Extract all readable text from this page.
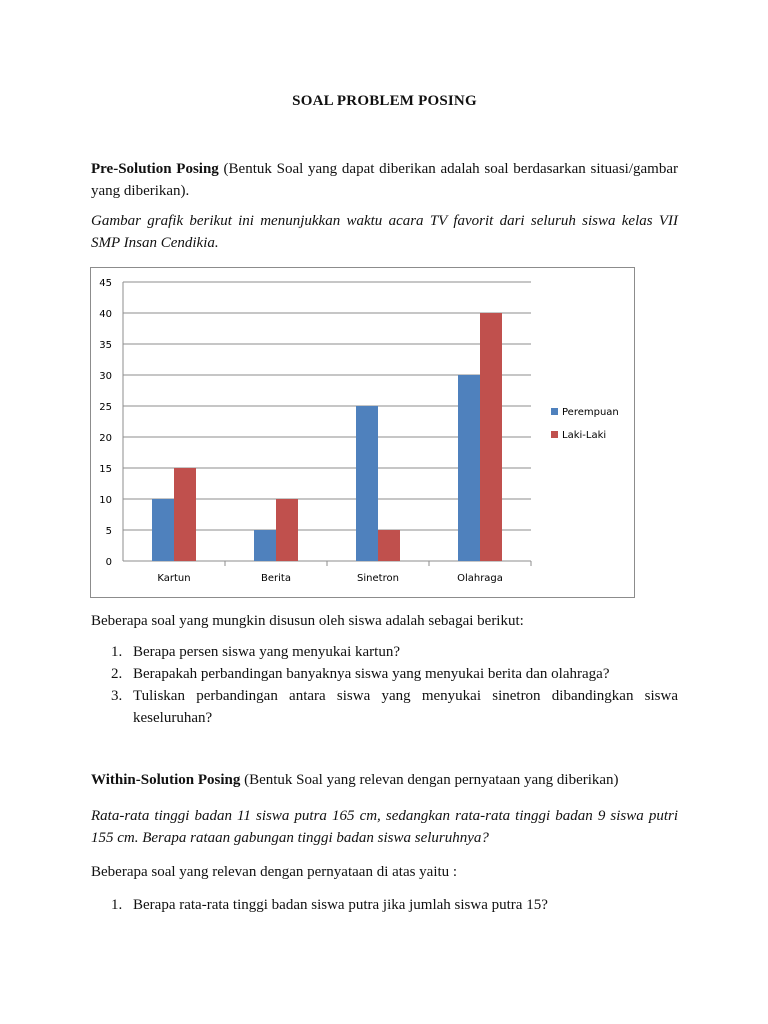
SOAL PROBLEM POSING
Pre-Solution Posing (Bentuk Soal yang dapat diberikan adalah soal berdasarkan situasi/gambar yang diberikan).
Gambar grafik berikut ini menunjukkan waktu acara TV favorit dari seluruh siswa kelas VII SMP Insan Cendikia.
Beberapa soal yang mungkin disusun oleh siswa adalah sebagai berikut:
1. Berapa persen siswa yang menyukai kartun?
2. Berapakah perbandingan banyaknya siswa yang menyukai berita dan olahraga?
3. Tuliskan perbandingan antara siswa yang menyukai sinetron dibandingkan siswa keseluruhan?
Within-Solution Posing (Bentuk Soal yang relevan dengan pernyataan yang diberikan)
Rata-rata tinggi badan 11 siswa putra 165 cm, sedangkan rata-rata tinggi badan 9 siswa putri 155 cm. Berapa rataan gabungan tinggi badan siswa seluruhnya?
Beberapa soal yang relevan dengan pernyataan di atas yaitu :
1. Berapa rata-rata tinggi badan siswa putra jika jumlah siswa putra 15?
0
5
10
15
20
25
30
35
40
45
Kartun	Berita	Sinetron	Olahraga
Perempuan
Laki-Laki
